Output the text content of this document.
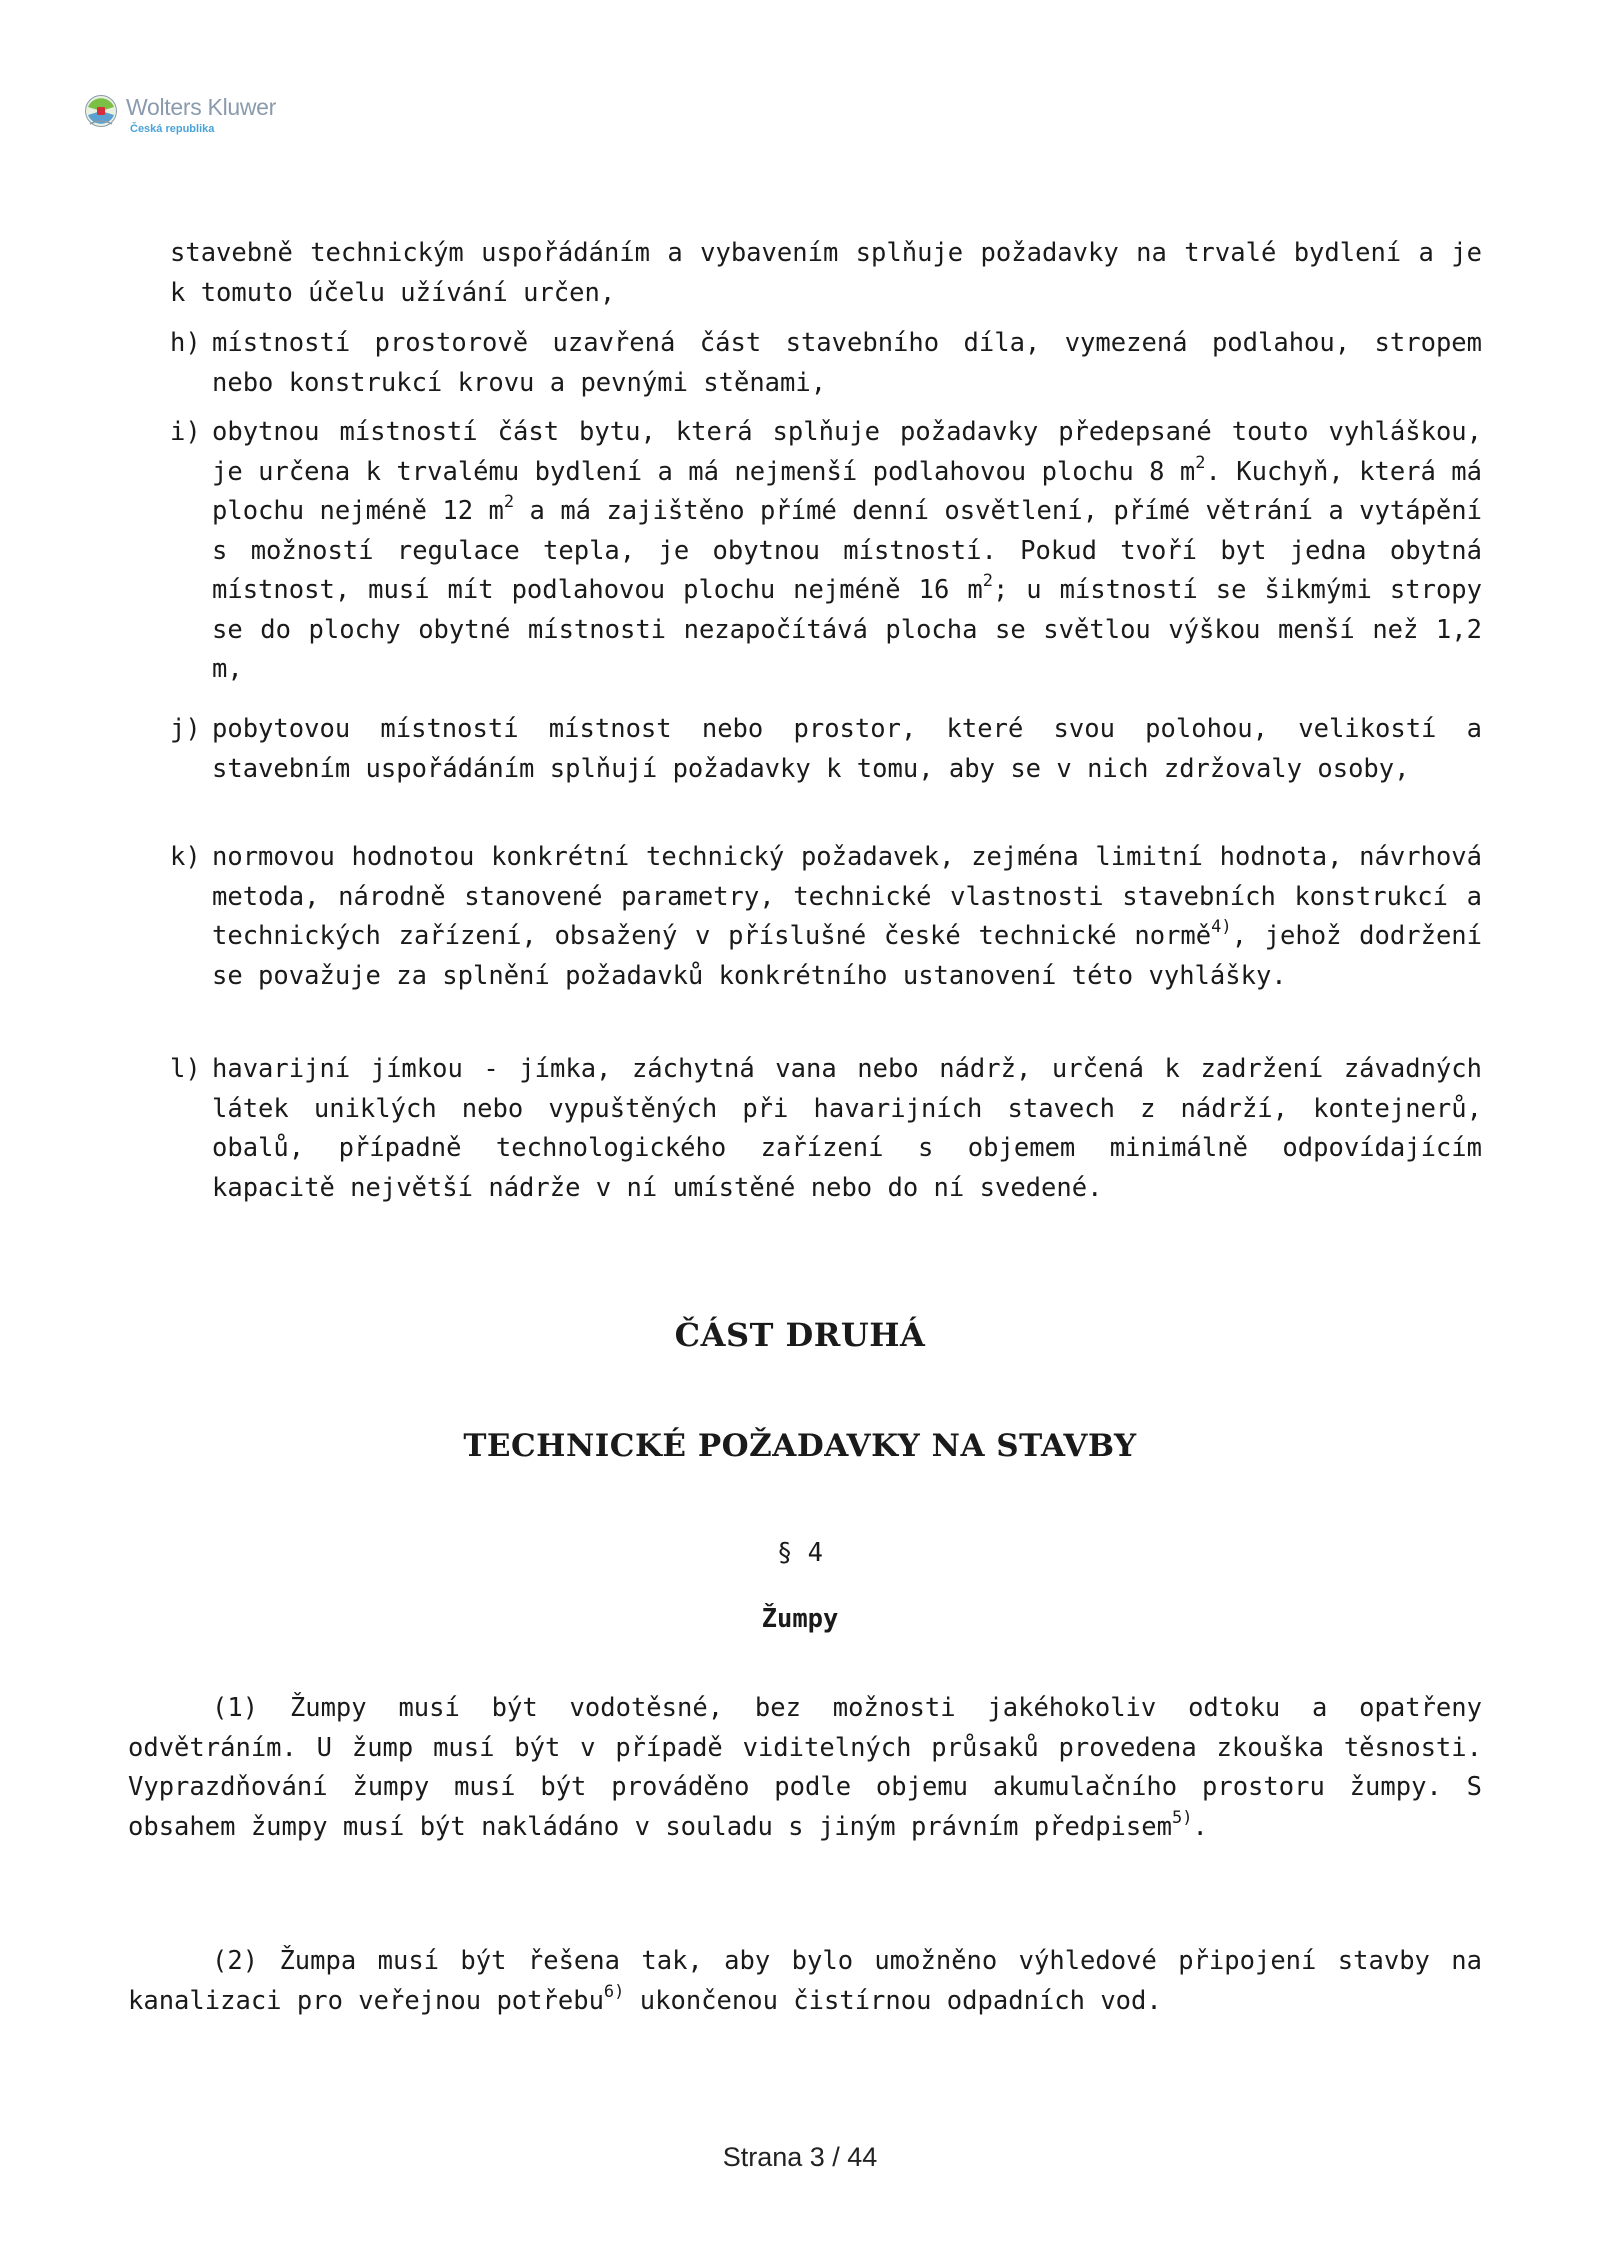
Wolters Kluwer
Česká republika

stavebně technickým uspořádáním a vybavením splňuje požadavky na trvalé bydlení a je k tomuto účelu užívání určen,

h) místností prostorově uzavřená část stavebního díla, vymezená podlahou, stropem nebo konstrukcí krovu a pevnými stěnami,

i) obytnou místností část bytu, která splňuje požadavky předepsané touto vyhláškou, je určena k trvalému bydlení a má nejmenší podlahovou plochu 8 $m^2$. Kuchyň, která má plochu nejméně 12 $m^2$ a má zajištěno přímé denní osvětlení, přímé větrání a vytápění s možností regulace tepla, je obytnou místností. Pokud tvoří byt jedna obytná místnost, musí mít podlahovou plochu nejméně 16 $m^2$; u místností se šikmými stropy se do plochy obytné místnosti nezapočítává plocha se světlou výškou menší než 1,2 m,

j) pobytovou místností místnost nebo prostor, které svou polohou, velikostí a stavebním uspořádáním splňují požadavky k tomu, aby se v nich zdržovaly osoby,

k) normovou hodnotou konkrétní technický požadavek, zejména limitní hodnota, návrhová metoda, národně stanovené parametry, technické vlastnosti stavebních konstrukcí a technických zařízení, obsažený v příslušné české technické normě$^{4)}$, jehož dodržení se považuje za splnění požadavků konkrétního ustanovení této vyhlášky.

l) havarijní jímkou - jímka, záchytná vana nebo nádrž, určená k zadržení závadných látek uniklých nebo vypuštěných při havarijních stavech z nádrží, kontejnerů, obalů, případně technologického zařízení s objemem minimálně odpovídajícím kapacitě největší nádrže v ní umístěné nebo do ní svedené.

ČÁST DRUHÁ
TECHNICKÉ POŽADAVKY NA STAVBY
§ 4
Žumpy

(1) Žumpy musí být vodotěsné, bez možnosti jakéhokoliv odtoku a opatřeny odvětráním. U žump musí být v případě viditelných průsaků provedena zkouška těsnosti. Vyprazdňování žumpy musí být prováděno podle objemu akumulačního prostoru žumpy. S obsahem žumpy musí být nakládáno v souladu s jiným právním předpisem$^{5)}$.

(2) Žumpa musí být řešena tak, aby bylo umožněno výhledové připojení stavby na kanalizaci pro veřejnou potřebu$^{6)}$ ukončenou čistírnou odpadních vod.

Strana 3 / 44
